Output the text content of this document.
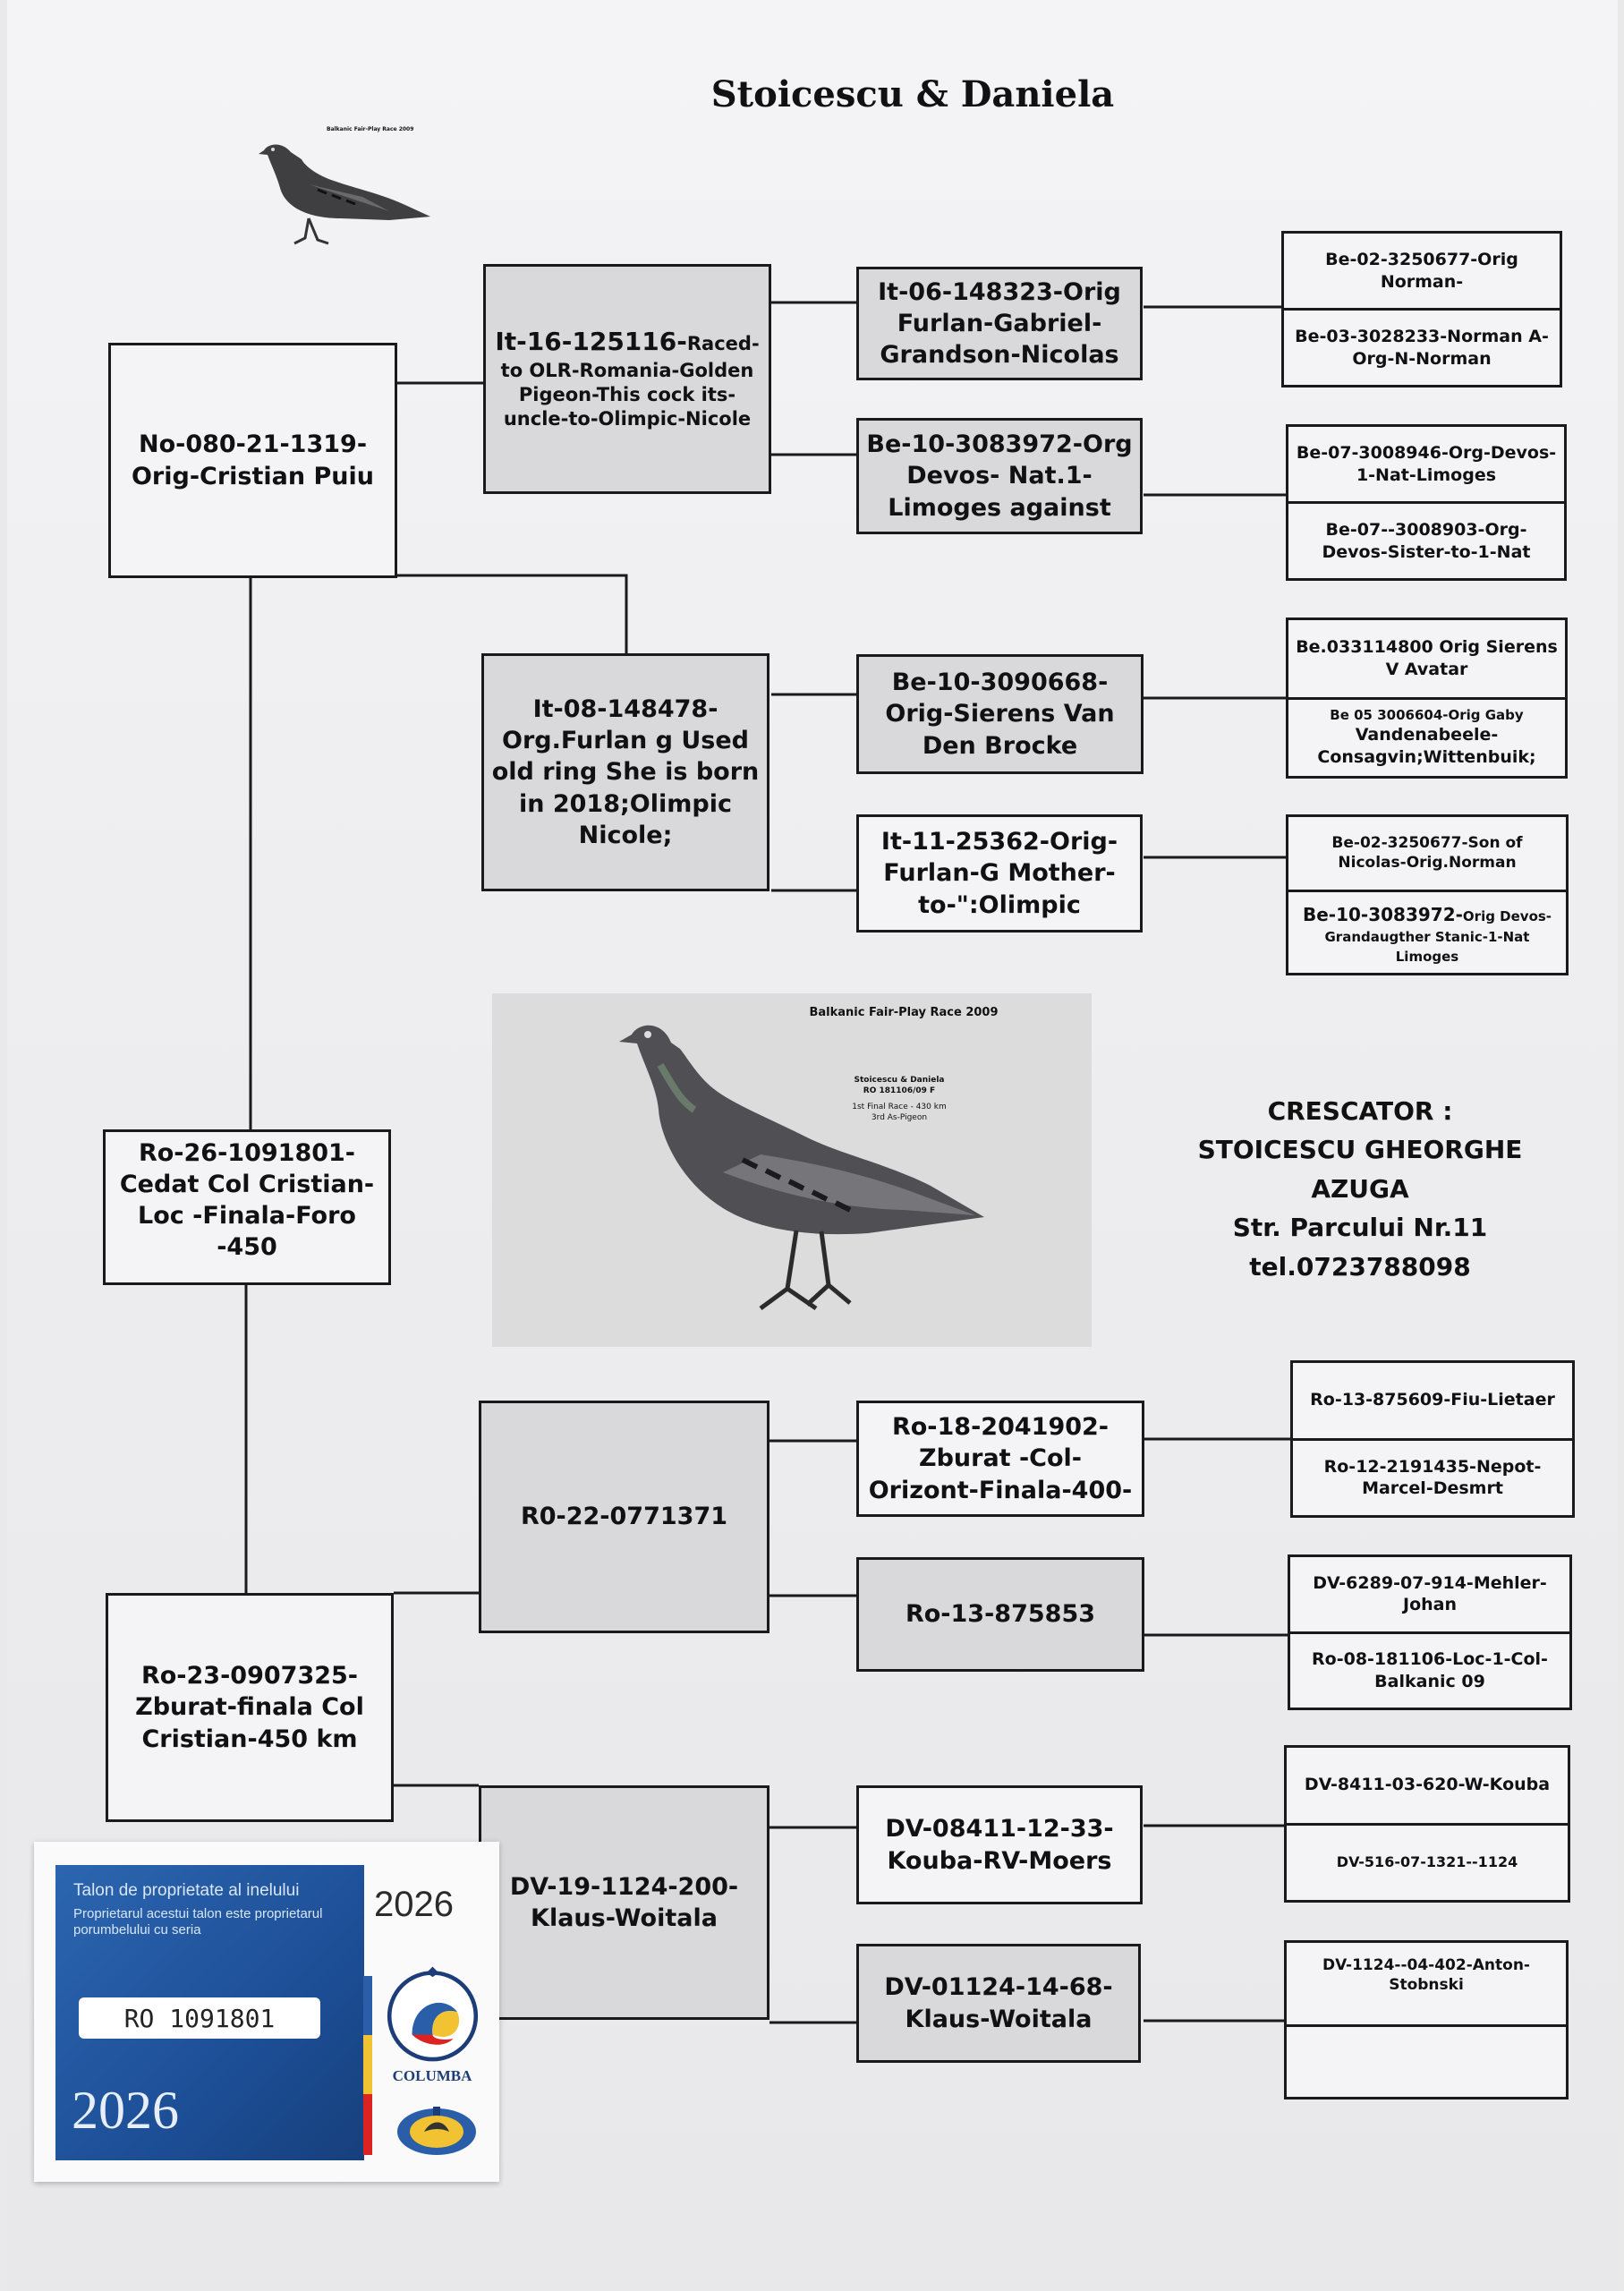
Stoicescu & Daniela
Balkanic Fair-Play Race 2009
No-080-21-1319-Orig-Cristian Puiu
Ro-26-1091801-Cedat Col Cristian-Loc -Finala-Foro -450
Ro-23-0907325-Zburat-finala Col Cristian-450 km
It-16-125116-Raced-to OLR-Romania-Golden Pigeon-This cock its-uncle-to-Olimpic-Nicole
It-08-148478-Org.Furlan g Used old ring She is born in 2018;Olimpic Nicole;
It-06-148323-Orig Furlan-Gabriel-Grandson-Nicolas
Be-10-3083972-Org Devos- Nat.1-Limoges against
Be-10-3090668-Orig-Sierens Van Den Brocke
It-11-25362-Orig-Furlan-G Mother-to-":Olimpic
Be-02-3250677-Orig Norman-
Be-03-3028233-Norman A-Org-N-Norman
Be-07-3008946-Org-Devos-1-Nat-Limoges
Be-07--3008903-Org-Devos-Sister-to-1-Nat
Be.033114800 Orig Sierens V Avatar
Be 05 3006604-Orig Gaby
Vandenabeele-Consagvin;Wittenbuik;
Be-02-3250677-Son of Nicolas-Orig.Norman
Be-10-3083972-Orig Devos-Grandaugther Stanic-1-Nat Limoges
Balkanic Fair-Play Race 2009
Stoicescu & Daniela
RO 181106/09 F
1st Final Race - 430 km
3rd As-Pigeon	CRESCATOR :
STOICESCU GHEORGHE
AZUGA
Str. Parcului Nr.11
tel.0723788098
R0-22-0771371
DV-19-1124-200-Klaus-Woitala
Ro-18-2041902-Zburat -Col-Orizont-Finala-400-
Ro-13-875853
DV-08411-12-33-Kouba-RV-Moers
DV-01124-14-68-Klaus-Woitala
Ro-13-875609-Fiu-Lietaer
Ro-12-2191435-Nepot-Marcel-Desmrt
DV-6289-07-914-Mehler-Johan
Ro-08-181106-Loc-1-Col-Balkanic 09
DV-8411-03-620-W-Kouba
DV-516-07-1321--1124
DV-1124--04-402-Anton-Stobnski
Talon de proprietate al inelului
Proprietarul acestui talon este proprietarul porumbelului cu seria
RO 1091801
2026
2026
COLUMBA
